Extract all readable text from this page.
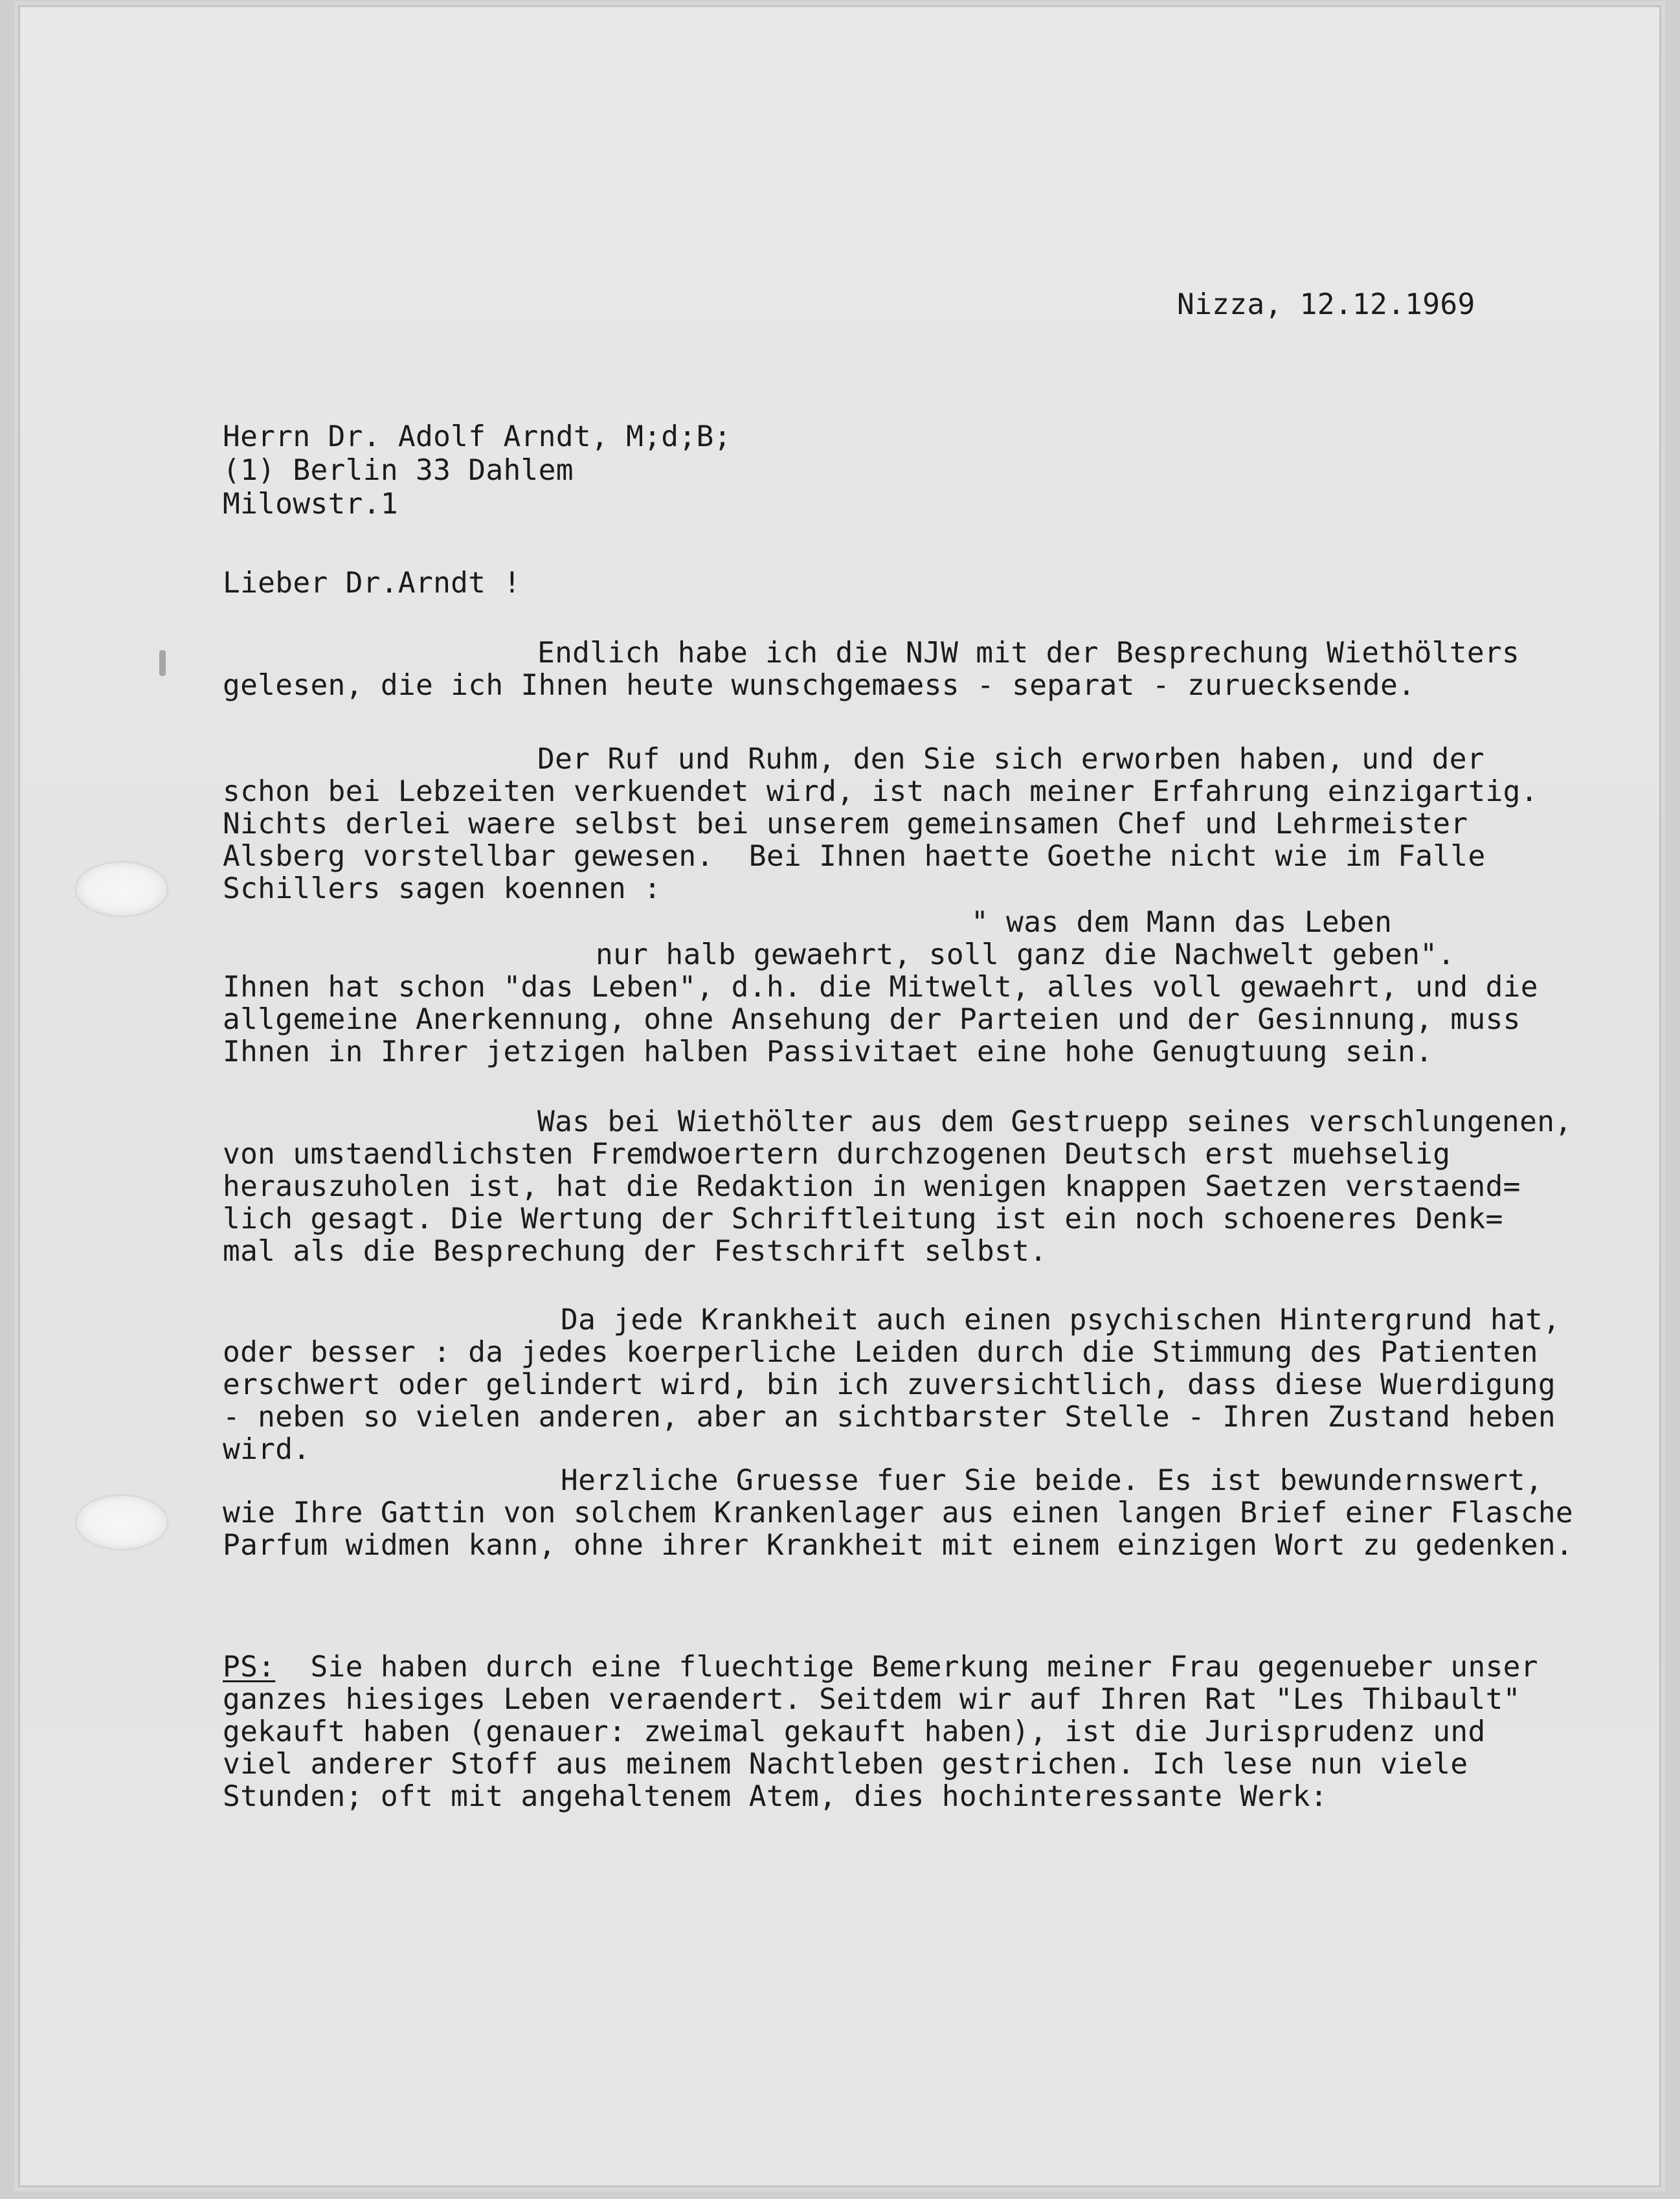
Nizza, 12.12.1969

Herrn Dr. Adolf Arndt, M;d;B;

(1) Berlin 33 Dahlem

Milowstr.1

Lieber Dr.Arndt !

Endlich habe ich die NJW mit der Besprechung Wiethölters

gelesen, die ich Ihnen heute wunschgemaess - separat - zuruecksende.

Der Ruf und Ruhm, den Sie sich erworben haben, und der

schon bei Lebzeiten verkuendet wird, ist nach meiner Erfahrung einzigartig.

Nichts derlei waere selbst bei unserem gemeinsamen Chef und Lehrmeister

Alsberg vorstellbar gewesen.  Bei Ihnen haette Goethe nicht wie im Falle

Schillers sagen koennen :

" was dem Mann das Leben

nur halb gewaehrt, soll ganz die Nachwelt geben".

Ihnen hat schon "das Leben", d.h. die Mitwelt, alles voll gewaehrt, und die

allgemeine Anerkennung, ohne Ansehung der Parteien und der Gesinnung, muss

Ihnen in Ihrer jetzigen halben Passivitaet eine hohe Genugtuung sein.

Was bei Wiethölter aus dem Gestruepp seines verschlungenen,

von umstaendlichsten Fremdwoertern durchzogenen Deutsch erst muehselig

herauszuholen ist, hat die Redaktion in wenigen knappen Saetzen verstaend=

lich gesagt. Die Wertung der Schriftleitung ist ein noch schoeneres Denk=

mal als die Besprechung der Festschrift selbst.

Da jede Krankheit auch einen psychischen Hintergrund hat,

oder besser : da jedes koerperliche Leiden durch die Stimmung des Patienten

erschwert oder gelindert wird, bin ich zuversichtlich, dass diese Wuerdigung

- neben so vielen anderen, aber an sichtbarster Stelle - Ihren Zustand heben

wird.

Herzliche Gruesse fuer Sie beide. Es ist bewundernswert,

wie Ihre Gattin von solchem Krankenlager aus einen langen Brief einer Flasche

Parfum widmen kann, ohne ihrer Krankheit mit einem einzigen Wort zu gedenken.

PS:  Sie haben durch eine fluechtige Bemerkung meiner Frau gegenueber unser

ganzes hiesiges Leben veraendert. Seitdem wir auf Ihren Rat "Les Thibault"

gekauft haben (genauer: zweimal gekauft haben), ist die Jurisprudenz und

viel anderer Stoff aus meinem Nachtleben gestrichen. Ich lese nun viele

Stunden; oft mit angehaltenem Atem, dies hochinteressante Werk:
